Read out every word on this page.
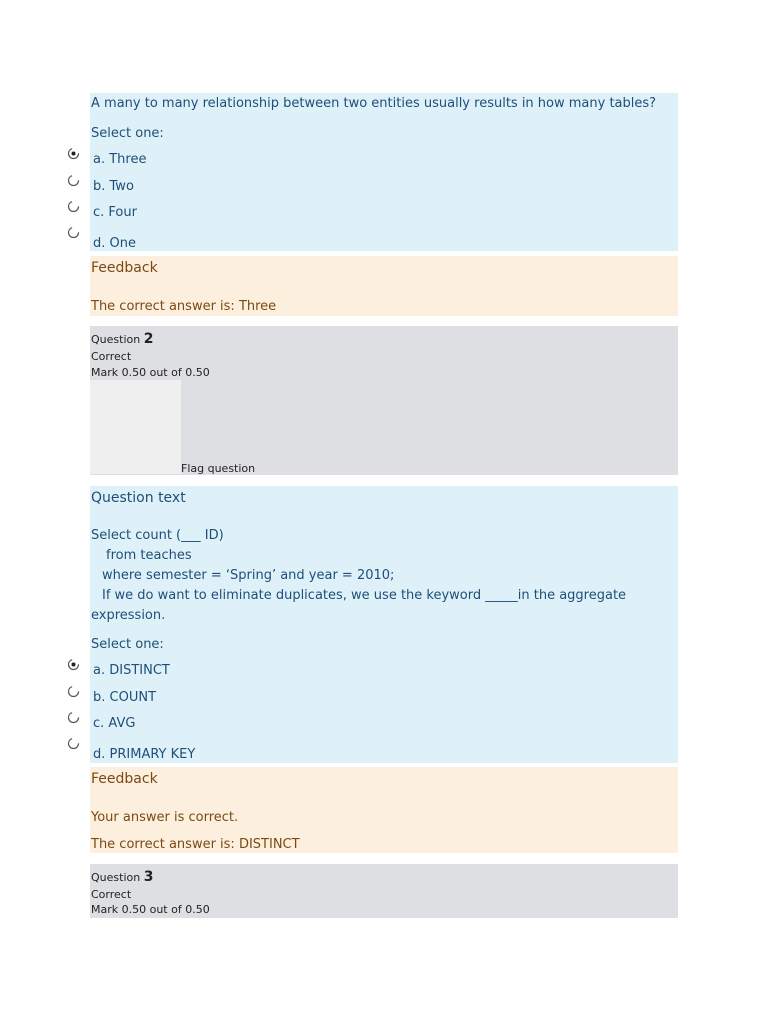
A many to many relationship between two entities usually results in how many tables?
Select one:
a. Three
b. Two
c. Four
d. One
Feedback
The correct answer is: Three
Question 2
Correct
Mark 0.50 out of 0.50
Flag question
Question text
Select count (___ ID)
from teaches
where semester = ‘Spring’ and year = 2010;
If we do want to eliminate duplicates, we use the keyword _____in the aggregate
expression.
Select one:
a. DISTINCT
b. COUNT
c. AVG
d. PRIMARY KEY
Feedback
Your answer is correct.
The correct answer is: DISTINCT
Question 3
Correct
Mark 0.50 out of 0.50
